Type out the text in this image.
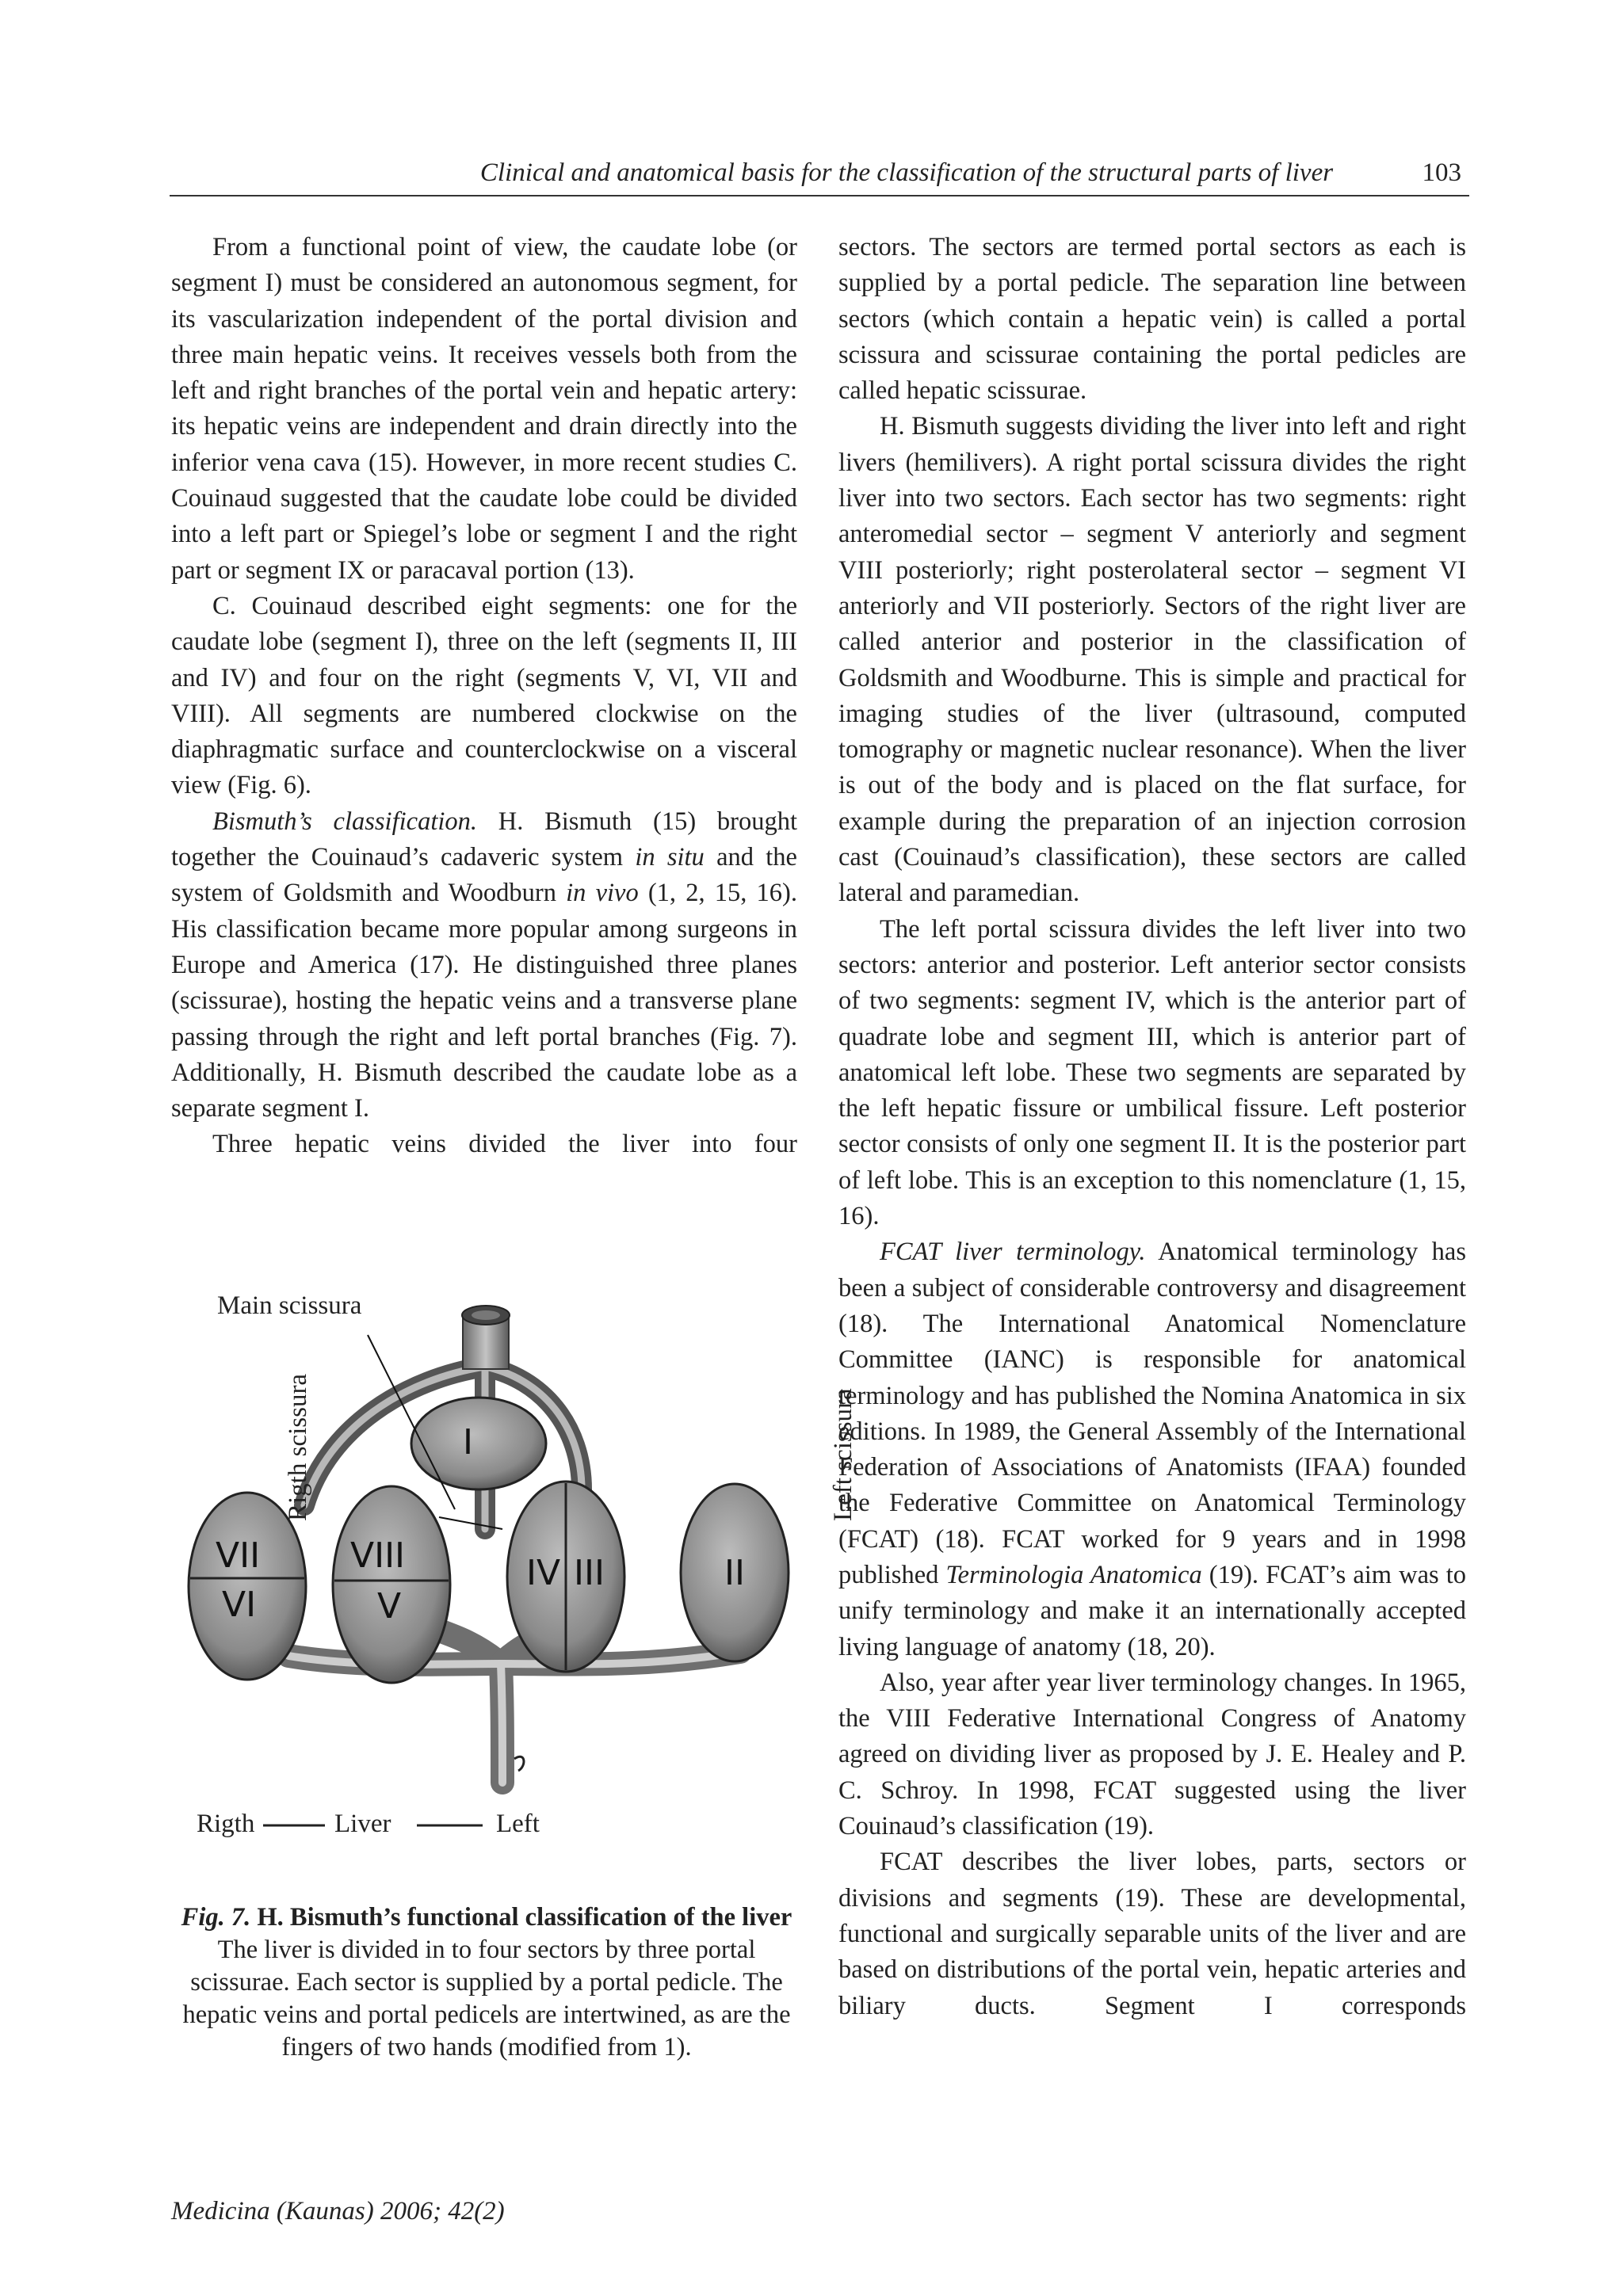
Clinical and anatomical basis for the classification of the structural parts of liver	103

From a functional point of view, the caudate lobe (or segment I) must be considered an autonomous segment, for its vascularization independent of the portal division and three main hepatic veins. It receives vessels both from the left and right branches of the portal vein and hepatic artery: its hepatic veins are independent and drain directly into the inferior vena cava (15). However, in more recent studies C. Couinaud suggested that the caudate lobe could be divided into a left part or Spiegel’s lobe or segment I and the right part or segment IX or paracaval portion (13).

C. Couinaud described eight segments: one for the caudate lobe (segment I), three on the left (segments II, III and IV) and four on the right (segments V, VI, VII and VIII). All segments are numbered clockwise on the diaphragmatic surface and counterclockwise on a visceral view (Fig. 6).

Bismuth’s classification. H. Bismuth (15) brought together the Couinaud’s cadaveric system in situ and the system of Goldsmith and Woodburn in vivo (1, 2, 15, 16). His classification became more popular among surgeons in Europe and America (17). He distinguished three planes (scissurae), hosting the hepatic veins and a transverse plane passing through the right and left portal branches (Fig. 7). Additionally, H. Bismuth described the caudate lobe as a separate segment I.

Three hepatic veins divided the liver into four

Main scissura
Rigth scissura	Left scissura
I
VII
VI
VIII
V
IV III	II
Rigth	Liver	Left
Fig. 7. H. Bismuth’s functional classification of the liver
The liver is divided in to four sectors by three portal scissurae. Each sector is supplied by a portal pedicle. The hepatic veins and portal pedicels are intertwined, as are the fingers of two hands (modified from 1).

sectors. The sectors are termed portal sectors as each is supplied by a portal pedicle. The separation line between sectors (which contain a hepatic vein) is called a portal scissura and scissurae containing the portal pedicles are called hepatic scissurae.

H. Bismuth suggests dividing the liver into left and right livers (hemilivers). A right portal scissura divides the right liver into two sectors. Each sector has two segments: right anteromedial sector – segment V anteriorly and segment VIII posteriorly; right posterolateral sector – segment VI anteriorly and VII posteriorly. Sectors of the right liver are called anterior and posterior in the classification of Goldsmith and Woodburne. This is simple and practical for imaging studies of the liver (ultrasound, computed tomography or magnetic nuclear resonance). When the liver is out of the body and is placed on the flat surface, for example during the preparation of an injection corrosion cast (Couinaud’s classification), these sectors are called lateral and paramedian.

The left portal scissura divides the left liver into two sectors: anterior and posterior. Left anterior sector consists of two segments: segment IV, which is the anterior part of quadrate lobe and segment III, which is anterior part of anatomical left lobe. These two segments are separated by the left hepatic fissure or umbilical fissure. Left posterior sector consists of only one segment II. It is the posterior part of left lobe. This is an exception to this nomenclature (1, 15, 16).

FCAT liver terminology. Anatomical terminology has been a subject of considerable controversy and disagreement (18). The International Anatomical Nomenclature Committee (IANC) is responsible for anatomical terminology and has published the Nomina Anatomica in six editions. In 1989, the General Assembly of the International Federation of Associations of Anatomists (IFAA) founded the Federative Committee on Anatomical Terminology (FCAT) (18). FCAT worked for 9 years and in 1998 published Terminologia Anatomica (19). FCAT’s aim was to unify terminology and make it an internationally accepted living language of anatomy (18, 20).

Also, year after year liver terminology changes. In 1965, the VIII Federative International Congress of Anatomy agreed on dividing liver as proposed by J. E. Healey and P. C. Schroy. In 1998, FCAT suggested using the liver Couinaud’s classification (19).

FCAT describes the liver lobes, parts, sectors or divisions and segments (19). These are developmental, functional and surgically separable units of the liver and are based on distributions of the portal vein, hepatic arteries and biliary ducts. Segment I corresponds

Medicina (Kaunas) 2006; 42(2)
